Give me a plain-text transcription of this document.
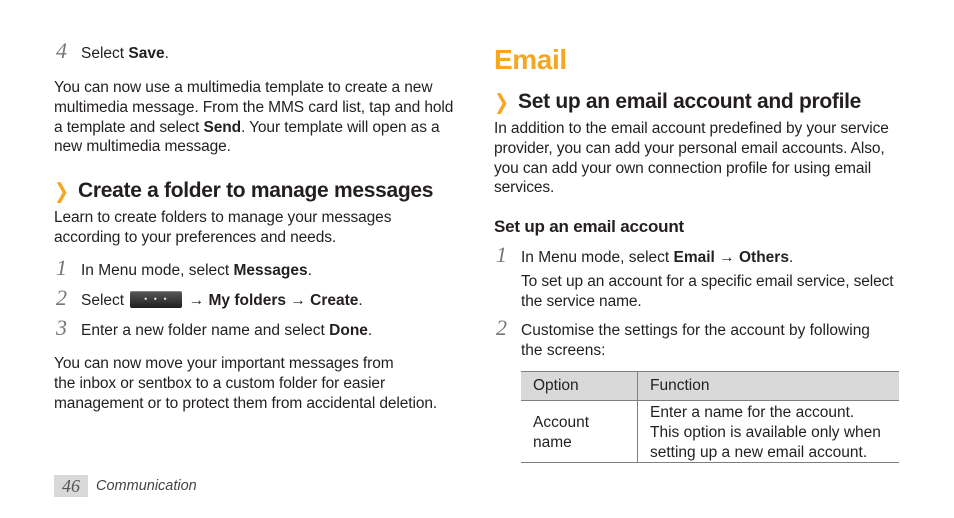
4 Select Save.
You can now use a multimedia template to create a new
multimedia message. From the MMS card list, tap and hold
a template and select Send. Your template will open as a
new multimedia message.
❯ Create a folder to manage messages
Learn to create folders to manage your messages
according to your preferences and needs.
1 In Menu mode, select Messages.
2 Select	• • •	→ My folders → Create.
3 Enter a new folder name and select Done.
You can now move your important messages from
the inbox or sentbox to a custom folder for easier
management or to protect them from accidental deletion.
Email
❯ Set up an email account and profile
In addition to the email account predefined by your service
provider, you can add your personal email accounts. Also,
you can add your own connection profile for using email
services.
Set up an email account
1 In Menu mode, select Email → Others.
To set up an account for a specific email service, select
the service name.
2 Customise the settings for the account by following
the screens:
Option	Function
Account
name	Enter a name for the account.
This option is available only when
setting up a new email account.
46	Communication
